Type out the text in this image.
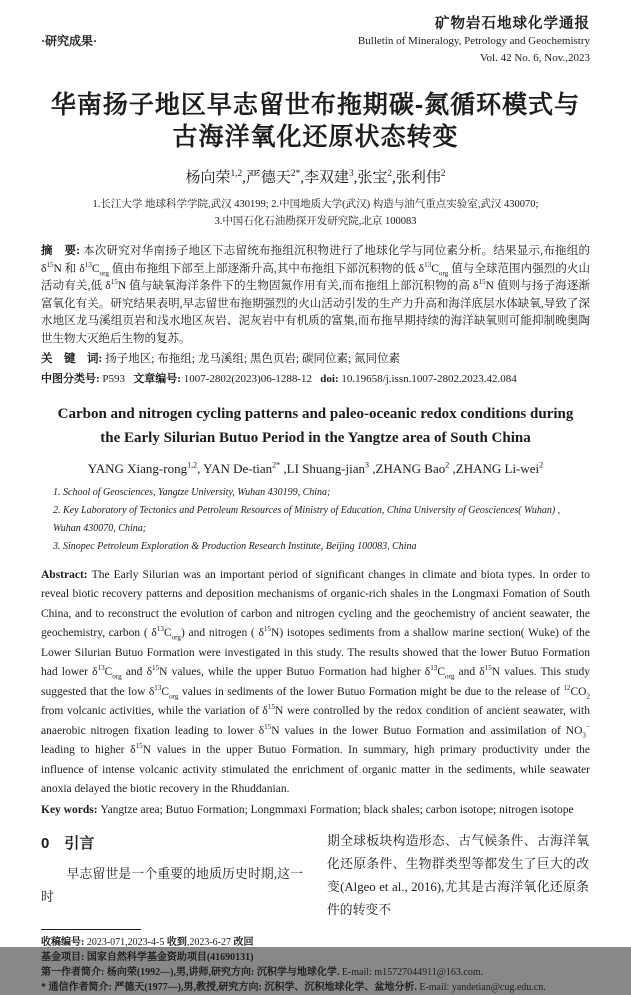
·研究成果·
矿物岩石地球化学通报
Bulletin of Mineralogy, Petrology and Geochemistry
Vol. 42 No. 6, Nov.,2023
华南扬子地区早志留世布拖期碳-氮循环模式与
古海洋氧化还原状态转变
杨向荣$^{1,2}$,严德天$^{2*}$,李双建$^3$,张宝$^2$,张利伟$^2$
1.长江大学 地球科学学院,武汉 430199; 2.中国地质大学(武汉) 构造与油气重点实验室,武汉 430070;
3.中国石化石油勘探开发研究院,北京 100083
摘　要: 本次研究对华南扬子地区下志留统布拖组沉积物进行了地球化学与同位素分析。结果显示,布拖组的 $\delta^{15}N$ 和 $\delta^{13}C_{org}$ 值由布拖组下部至上部逐渐升高,其中布拖组下部沉积物的低 $\delta^{13}C_{org}$ 值与全球范围内强烈的火山活动有关,低 $\delta^{15}N$ 值与缺氧海洋条件下的生物固氮作用有关,而布拖组上部沉积物的高 $\delta^{15}N$ 值则与扬子海逐渐富氧化有关。研究结果表明,早志留世布拖期强烈的火山活动引发的生产力升高和海洋底层水体缺氧,导致了深水地区龙马溪组页岩和浅水地区灰岩、泥灰岩中有机质的富集,而布拖早期持续的海洋缺氧则可能抑制晚奥陶世生物大灭绝后生物的复苏。
关　键　词: 扬子地区; 布拖组; 龙马溪组; 黑色页岩; 碳同位素; 氮同位素
中图分类号: P593   文章编号: 1007-2802(2023)06-1288-12   doi: 10.19658/j.issn.1007-2802.2023.42.084
Carbon and nitrogen cycling patterns and paleo-oceanic redox conditions during
the Early Silurian Butuo Period in the Yangtze area of South China
YANG Xiang-rong$^{1,2}$, YAN De-tian$^{2*}$ ,LI Shuang-jian$^3$ ,ZHANG Bao$^2$ ,ZHANG Li-wei$^2$
1. School of Geosciences, Yangtze University, Wuhan 430199, China;
2. Key Laboratory of Tectonics and Petroleum Resources of Ministry of Education, China University of Geosciences( Wuhan) , Wuhan 430070, China;
3. Sinopec Petroleum Exploration & Production Research Institute, Beijing 100083, China
Abstract: The Early Silurian was an important period of significant changes in climate and biota types. In order to reveal biotic recovery patterns and deposition mechanisms of organic-rich shales in the Longmaxi Fomation of South China, and to reconstruct the evolution of carbon and nitrogen cycling and the geochemistry of ancient seawater, the geochemistry, carbon ( $\delta^{13}C_{org}$) and nitrogen ( $\delta^{15}N$) isotopes sediments from a shallow marine section( Wuke) of the Lower Silurian Butuo Formation were investigated in this study. The results showed that the lower Butuo Formation had lower $\delta^{13}C_{org}$ and $\delta^{15}N$ values, while the upper Butuo Formation had higher $\delta^{13}C_{org}$ and $\delta^{15}N$ values. This study suggested that the low $\delta^{13}C_{org}$ values in sediments of the lower Butuo Formation might be due to the release of $^{12}CO_2$ from volcanic activities, while the variation of $\delta^{15}N$ were controlled by the redox condition of ancient seawater, with anaerobic nitrogen fixation leading to lower $\delta^{15}N$ values in the lower Butuo Formation and assimilation of $NO_3^-$ leading to higher $\delta^{15}N$ values in the upper Butuo Formation. In summary, high primary productivity under the influence of intense volcanic activity stimulated the enrichment of organic matter in the sediments, while seawater anoxia delayed the biotic recovery in the Rhuddanian.
Key words: Yangtze area; Butuo Formation; Longmmaxi Formation; black shales; carbon isotope; nitrogen isotope
0　引言
早志留世是一个重要的地质历史时期,这一时
期全球板块构造形态、古气候条件、古海洋氧化还原条件、生物群类型等都发生了巨大的改变(Algeo et al., 2016),尤其是古海洋氧化还原条件的转变不
收稿编号: 2023-071,2023-4-5 收到,2023-6-27 改回
基金项目: 国家自然科学基金资助项目(41690131)
第一作者简介: 杨向荣(1992—),男,讲师,研究方向: 沉积学与地球化学. E-mail: m15727044911@163.com.
* 通信作者简介: 严德天(1977—),男,教授,研究方向: 沉积学、沉积地球化学、盆地分析. E-mail: yandetian@cug.edu.cn.
